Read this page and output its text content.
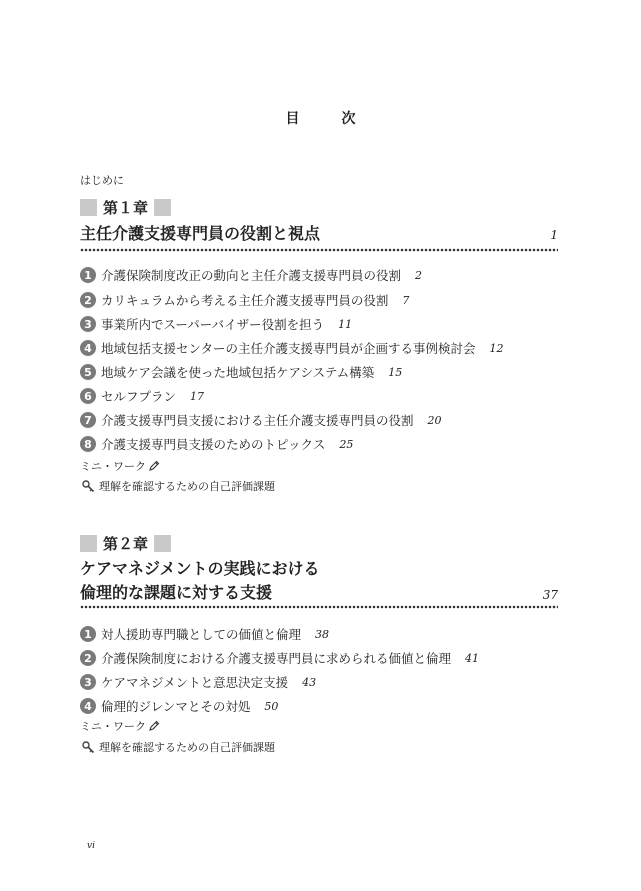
目　次
はじめに
第１章
主任介護支援専門員の役割と視点	1
1 介護保険制度改正の動向と主任介護支援専門員の役割 2
2 カリキュラムから考える主任介護支援専門員の役割 7
3 事業所内でスーパーバイザー役割を担う 11
4 地域包括支援センターの主任介護支援専門員が企画する事例検討会 12
5 地域ケア会議を使った地域包括ケアシステム構築 15
6 セルフプラン 17
7 介護支援専門員支援における主任介護支援専門員の役割 20
8 介護支援専門員支援のためのトピックス 25
ミニ・ワーク
理解を確認するための自己評価課題
第２章
ケアマネジメントの実践における
倫理的な課題に対する支援	37
1 対人援助専門職としての価値と倫理 38
2 介護保険制度における介護支援専門員に求められる価値と倫理 41
3 ケアマネジメントと意思決定支援 43
4 倫理的ジレンマとその対処 50
ミニ・ワーク
理解を確認するための自己評価課題
vi
